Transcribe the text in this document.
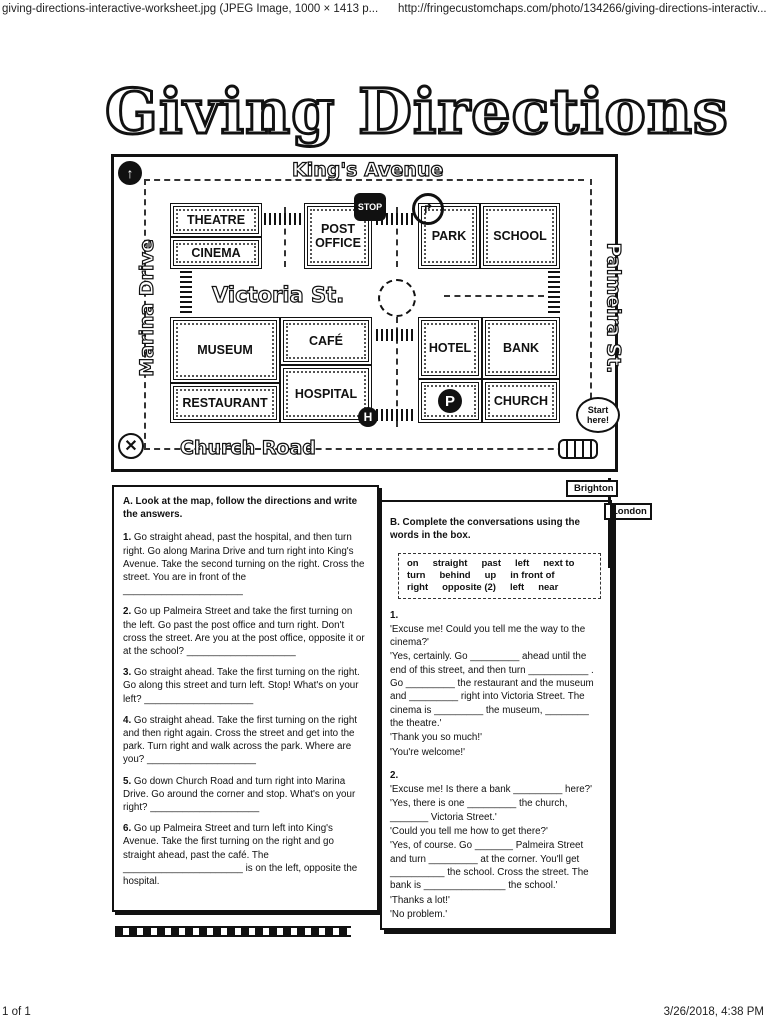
giving-directions-interactive-worksheet.jpg (JPEG Image, 1000 × 1413 p... http://fringecustomchaps.com/photo/134266/giving-directions-interactiv...
Giving Directions
King's Avenue
Marina Drive	Palmeira St.
Victoria St.
Church Road
THEATRE
CINEMA
POST
OFFICE	PARK SCHOOL
MUSEUM
CAFÉ
RESTAURANT
HOSPITAL
HOTEL	BANK
CHURCH
↑
✕
STOP	↱
P
H	Start
here!

A. Look at the map, follow the directions and write the answers.

1. Go straight ahead, past the hospital, and then turn right. Go along Marina Drive and turn right into King's Avenue. Take the second turning on the right. Cross the street. You are in front of the ______________________

2. Go up Palmeira Street and take the first turning on the left. Go past the post office and turn right. Don't cross the street. Are you at the post office, opposite it or at the school? ____________________

3. Go straight ahead. Take the first turning on the right. Go along this street and turn left. Stop! What's on your left? ____________________

4. Go straight ahead. Take the first turning on the right and then right again. Cross the street and get into the park. Turn right and walk across the park. Where are you? ____________________

5. Go down Church Road and turn right into Marina Drive. Go around the corner and stop. What's on your right? ____________________

6. Go up Palmeira Street and turn left into King's Avenue. Take the first turning on the right and go straight ahead, past the café. The ______________________ is on the left, opposite the hospital.

Brighton
London

B. Complete the conversations using the words in the box.

on straight past left next toturn behind up in front ofright opposite (2) left near

1.

'Excuse me! Could you tell me the way to the cinema?'

'Yes, certainly. Go _________ ahead until the end of this street, and then turn ___________ . Go _________ the restaurant and the museum and _________ right into Victoria Street. The cinema is _________ the museum, ________ the theatre.'

'Thank you so much!'

'You're welcome!'

2.

'Excuse me! Is there a bank _________ here?'

'Yes, there is one _________ the church, _______ Victoria Street.'

'Could you tell me how to get there?'

'Yes, of course. Go _______ Palmeira Street and turn _________ at the corner. You'll get __________ the school. Cross the street. The bank is _______________ the school.'

'Thanks a lot!'

'No problem.'

1 of 1	3/26/2018, 4:38 PM
